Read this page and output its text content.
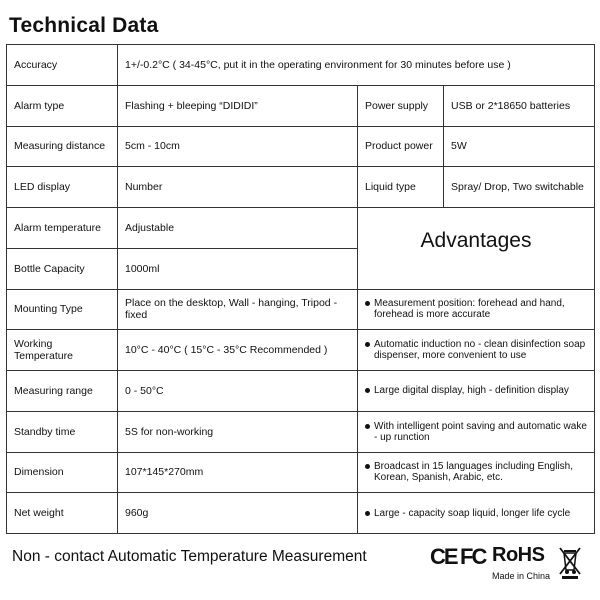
Technical Data
Accuracy	1+/-0.2°C ( 34-45°C, put it in the operating environment for 30 minutes before use )		
Alarm type	Flashing + bleeping “DIDIDI”	Power supply	USB or 2*18650 batteries
Measuring distance	5cm - 10cm	Product power	5W
LED display	Number	Liquid type	Spray/ Drop, Two switchable
Alarm temperature	Adjustable	Advantages	
Bottle Capacity	1000ml		
Mounting Type	Place on the desktop, Wall - hanging, Tripod - fixed	Measurement position: forehead and hand, forehead is more accurate	

Working Temperature	10°C - 40°C ( 15°C - 35°C Recommended )	Automatic induction no - clean disinfection soap dispenser, more convenient to use	

Measuring range	0 - 50°C	Large digital display, high - definition display	

Standby time	5S for non-working	With intelligent point saving and automatic wake - up runction	

Dimension	107*145*270mm	Broadcast in 15 languages including English, Korean, Spanish, Arabic, etc.	

Net weight	960g	Large - capacity soap liquid, longer life cycle	
Non - contact Automatic Temperature Measurement	CE FC RoHS
Made in China
